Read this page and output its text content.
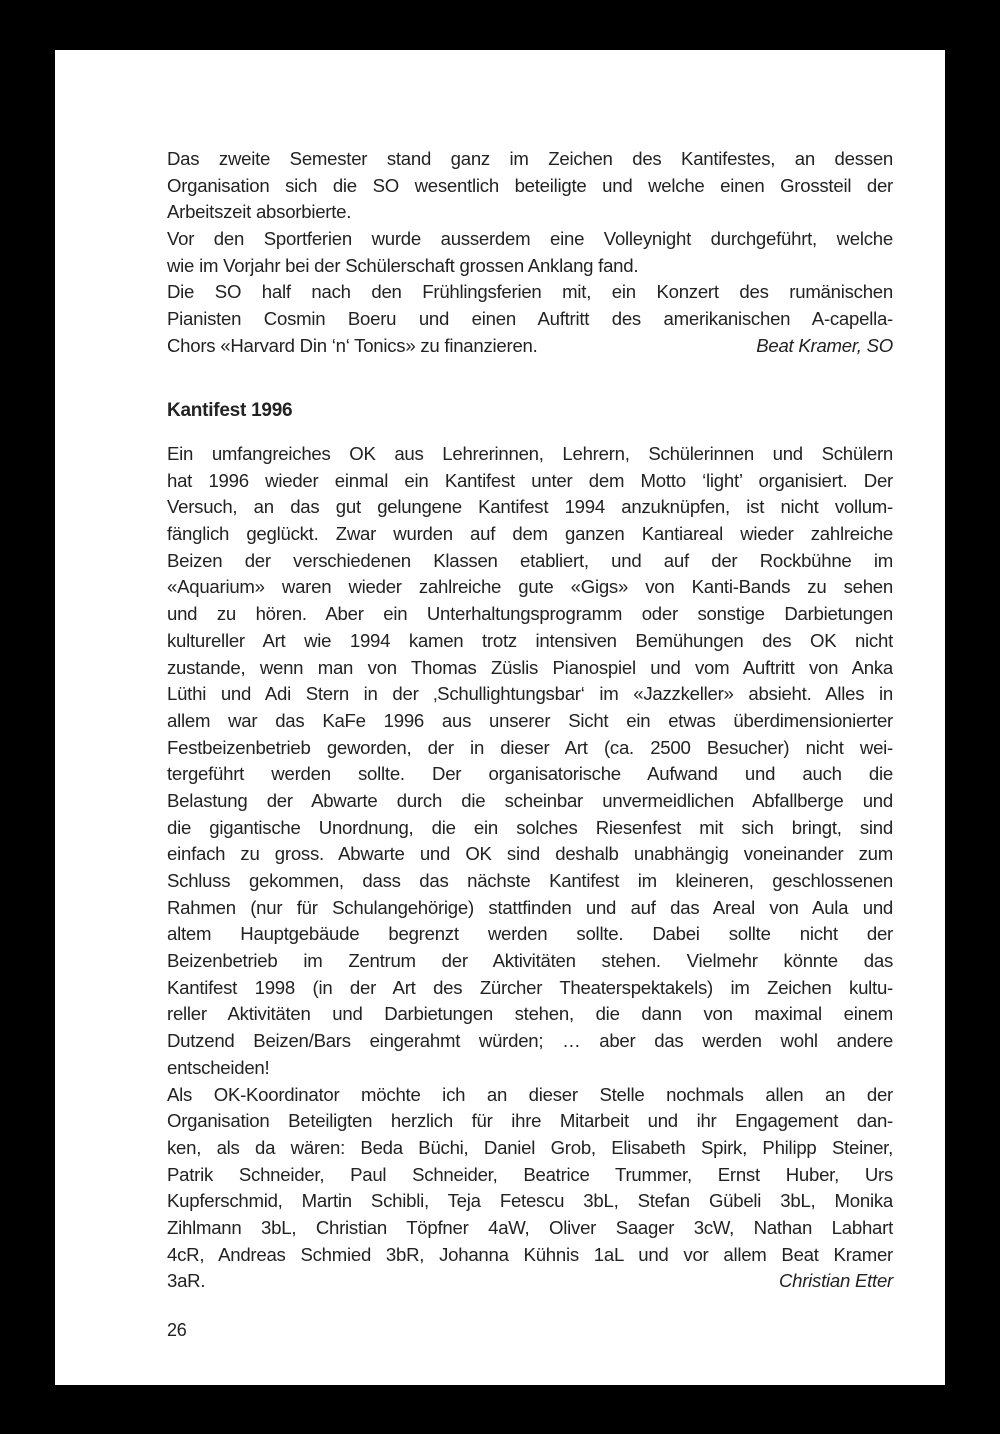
Das zweite Semester stand ganz im Zeichen des Kantifestes, an dessen
Organisation sich die SO wesentlich beteiligte und welche einen Grossteil der
Arbeitszeit absorbierte.
Vor den Sportferien wurde ausserdem eine Volleynight durchgeführt, welche
wie im Vorjahr bei der Schülerschaft grossen Anklang fand.
Die SO half nach den Frühlingsferien mit, ein Konzert des rumänischen
Pianisten Cosmin Boeru und einen Auftritt des amerikanischen A-capella-
Chors «Harvard Din ‘n‘ Tonics» zu finanzieren.	Beat Kramer, SO
Kantifest 1996
Ein umfangreiches OK aus Lehrerinnen, Lehrern, Schülerinnen und Schülern
hat 1996 wieder einmal ein Kantifest unter dem Motto ‘light’ organisiert. Der
Versuch, an das gut gelungene Kantifest 1994 anzuknüpfen, ist nicht vollum-
fänglich geglückt. Zwar wurden auf dem ganzen Kantiareal wieder zahlreiche
Beizen der verschiedenen Klassen etabliert, und auf der Rockbühne im
«Aquarium» waren wieder zahlreiche gute «Gigs» von Kanti-Bands zu sehen
und zu hören. Aber ein Unterhaltungsprogramm oder sonstige Darbietungen
kultureller Art wie 1994 kamen trotz intensiven Bemühungen des OK nicht
zustande, wenn man von Thomas Züslis Pianospiel und vom Auftritt von Anka
Lüthi und Adi Stern in der ‚Schullightungsbar‘ im «Jazzkeller» absieht. Alles in
allem war das KaFe 1996 aus unserer Sicht ein etwas überdimensionierter
Festbeizenbetrieb geworden, der in dieser Art (ca. 2500 Besucher) nicht wei-
tergeführt werden sollte. Der organisatorische Aufwand und auch die
Belastung der Abwarte durch die scheinbar unvermeidlichen Abfallberge und
die gigantische Unordnung, die ein solches Riesenfest mit sich bringt, sind
einfach zu gross. Abwarte und OK sind deshalb unabhängig voneinander zum
Schluss gekommen, dass das nächste Kantifest im kleineren, geschlossenen
Rahmen (nur für Schulangehörige) stattfinden und auf das Areal von Aula und
altem Hauptgebäude begrenzt werden sollte. Dabei sollte nicht der
Beizenbetrieb im Zentrum der Aktivitäten stehen. Vielmehr könnte das
Kantifest 1998 (in der Art des Zürcher Theaterspektakels) im Zeichen kultu-
reller Aktivitäten und Darbietungen stehen, die dann von maximal einem
Dutzend Beizen/Bars eingerahmt würden; … aber das werden wohl andere
entscheiden!
Als OK-Koordinator möchte ich an dieser Stelle nochmals allen an der
Organisation Beteiligten herzlich für ihre Mitarbeit und ihr Engagement dan-
ken, als da wären: Beda Büchi, Daniel Grob, Elisabeth Spirk, Philipp Steiner,
Patrik Schneider, Paul Schneider, Beatrice Trummer, Ernst Huber, Urs
Kupferschmid, Martin Schibli, Teja Fetescu 3bL, Stefan Gübeli 3bL, Monika
Zihlmann 3bL, Christian Töpfner 4aW, Oliver Saager 3cW, Nathan Labhart
4cR, Andreas Schmied 3bR, Johanna Kühnis 1aL und vor allem Beat Kramer
3aR.	Christian Etter
26
